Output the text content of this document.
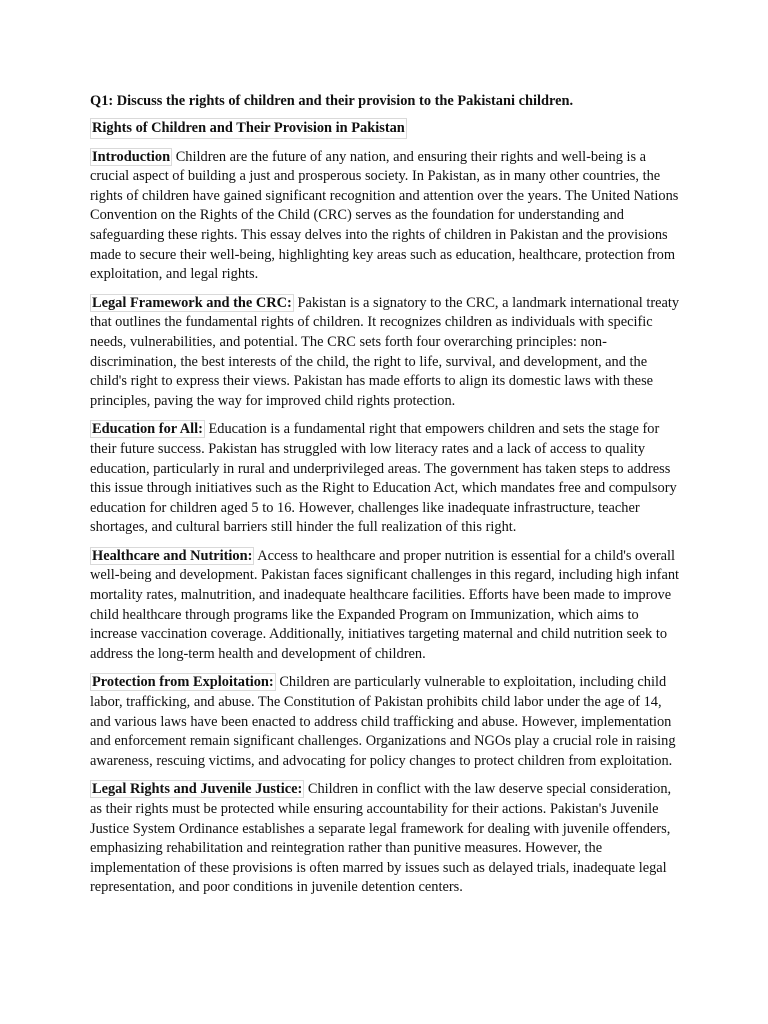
Q1: Discuss the rights of children and their provision to the Pakistani children.
Rights of Children and Their Provision in Pakistan

Introduction Children are the future of any nation, and ensuring their rights and well-being is a crucial aspect of building a just and prosperous society. In Pakistan, as in many other countries, the rights of children have gained significant recognition and attention over the years. The United Nations Convention on the Rights of the Child (CRC) serves as the foundation for understanding and safeguarding these rights. This essay delves into the rights of children in Pakistan and the provisions made to secure their well-being, highlighting key areas such as education, healthcare, protection from exploitation, and legal rights.

Legal Framework and the CRC: Pakistan is a signatory to the CRC, a landmark international treaty that outlines the fundamental rights of children. It recognizes children as individuals with specific needs, vulnerabilities, and potential. The CRC sets forth four overarching principles: non-discrimination, the best interests of the child, the right to life, survival, and development, and the child's right to express their views. Pakistan has made efforts to align its domestic laws with these principles, paving the way for improved child rights protection.

Education for All: Education is a fundamental right that empowers children and sets the stage for their future success. Pakistan has struggled with low literacy rates and a lack of access to quality education, particularly in rural and underprivileged areas. The government has taken steps to address this issue through initiatives such as the Right to Education Act, which mandates free and compulsory education for children aged 5 to 16. However, challenges like inadequate infrastructure, teacher shortages, and cultural barriers still hinder the full realization of this right.

Healthcare and Nutrition: Access to healthcare and proper nutrition is essential for a child's overall well-being and development. Pakistan faces significant challenges in this regard, including high infant mortality rates, malnutrition, and inadequate healthcare facilities. Efforts have been made to improve child healthcare through programs like the Expanded Program on Immunization, which aims to increase vaccination coverage. Additionally, initiatives targeting maternal and child nutrition seek to address the long-term health and development of children.

Protection from Exploitation: Children are particularly vulnerable to exploitation, including child labor, trafficking, and abuse. The Constitution of Pakistan prohibits child labor under the age of 14, and various laws have been enacted to address child trafficking and abuse. However, implementation and enforcement remain significant challenges. Organizations and NGOs play a crucial role in raising awareness, rescuing victims, and advocating for policy changes to protect children from exploitation.

Legal Rights and Juvenile Justice: Children in conflict with the law deserve special consideration, as their rights must be protected while ensuring accountability for their actions. Pakistan's Juvenile Justice System Ordinance establishes a separate legal framework for dealing with juvenile offenders, emphasizing rehabilitation and reintegration rather than punitive measures. However, the implementation of these provisions is often marred by issues such as delayed trials, inadequate legal representation, and poor conditions in juvenile detention centers.
